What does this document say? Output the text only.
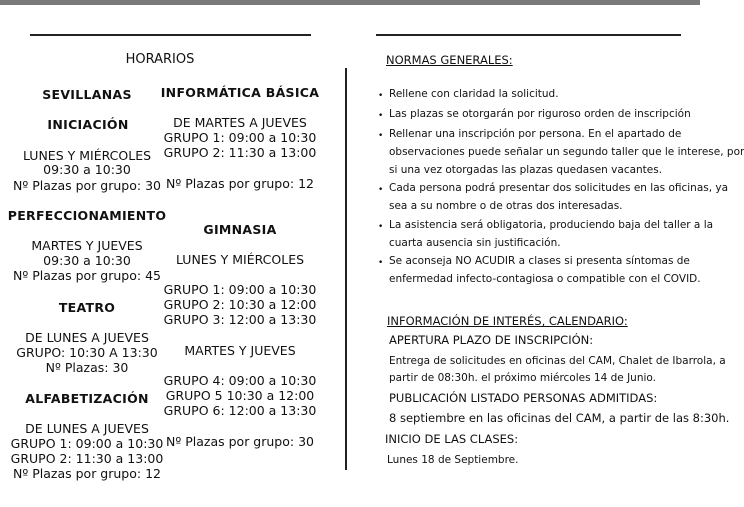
HORARIOS
SEVILLANAS
INICIACIÓN
LUNES Y MIÉRCOLES
09:30 a 10:30
Nº Plazas por grupo: 30
PERFECCIONAMIENTO
MARTES Y JUEVES
09:30 a 10:30
Nº Plazas por grupo: 45
TEATRO
DE LUNES A JUEVES
GRUPO: 10:30 A 13:30
Nº Plazas: 30
ALFABETIZACIÓN
DE LUNES A JUEVES
GRUPO 1: 09:00 a 10:30
GRUPO 2: 11:30 a 13:00
Nº Plazas por grupo: 12
INFORMÁTICA BÁSICA
DE MARTES A JUEVES
GRUPO 1: 09:00 a 10:30
GRUPO 2: 11:30 a 13:00
Nº Plazas por grupo: 12
GIMNASIA
LUNES Y MIÉRCOLES
GRUPO 1: 09:00 a 10:30
GRUPO 2: 10:30 a 12:00
GRUPO 3: 12:00 a 13:30
MARTES Y JUEVES
GRUPO 4: 09:00 a 10:30
GRUPO 5 10:30 a 12:00
GRUPO 6: 12:00 a 13:30
Nº Plazas por grupo: 30
NORMAS GENERALES:
• Rellene con claridad la solicitud.
• Las plazas se otorgarán por riguroso orden de inscripción
• Rellenar una inscripción por persona. En el apartado de
observaciones puede señalar un segundo taller que le interese, por
si una vez otorgadas las plazas quedasen vacantes.
• Cada persona podrá presentar dos solicitudes en las oficinas, ya
sea a su nombre o de otras dos interesadas.
• La asistencia será obligatoria, produciendo baja del taller a la
cuarta ausencia sin justificación.
• Se aconseja NO ACUDIR a clases si presenta síntomas de
enfermedad infecto-contagiosa o compatible con el COVID.
INFORMACIÓN DE INTERÉS, CALENDARIO:
APERTURA PLAZO DE INSCRIPCIÓN:
Entrega de solicitudes en oficinas del CAM, Chalet de Ibarrola, a
partir de 08:30h. el próximo miércoles 14 de Junio.
PUBLICACIÓN LISTADO PERSONAS ADMITIDAS:
8 septiembre en las oficinas del CAM, a partir de las 8:30h.
INICIO DE LAS CLASES:
Lunes 18 de Septiembre.
